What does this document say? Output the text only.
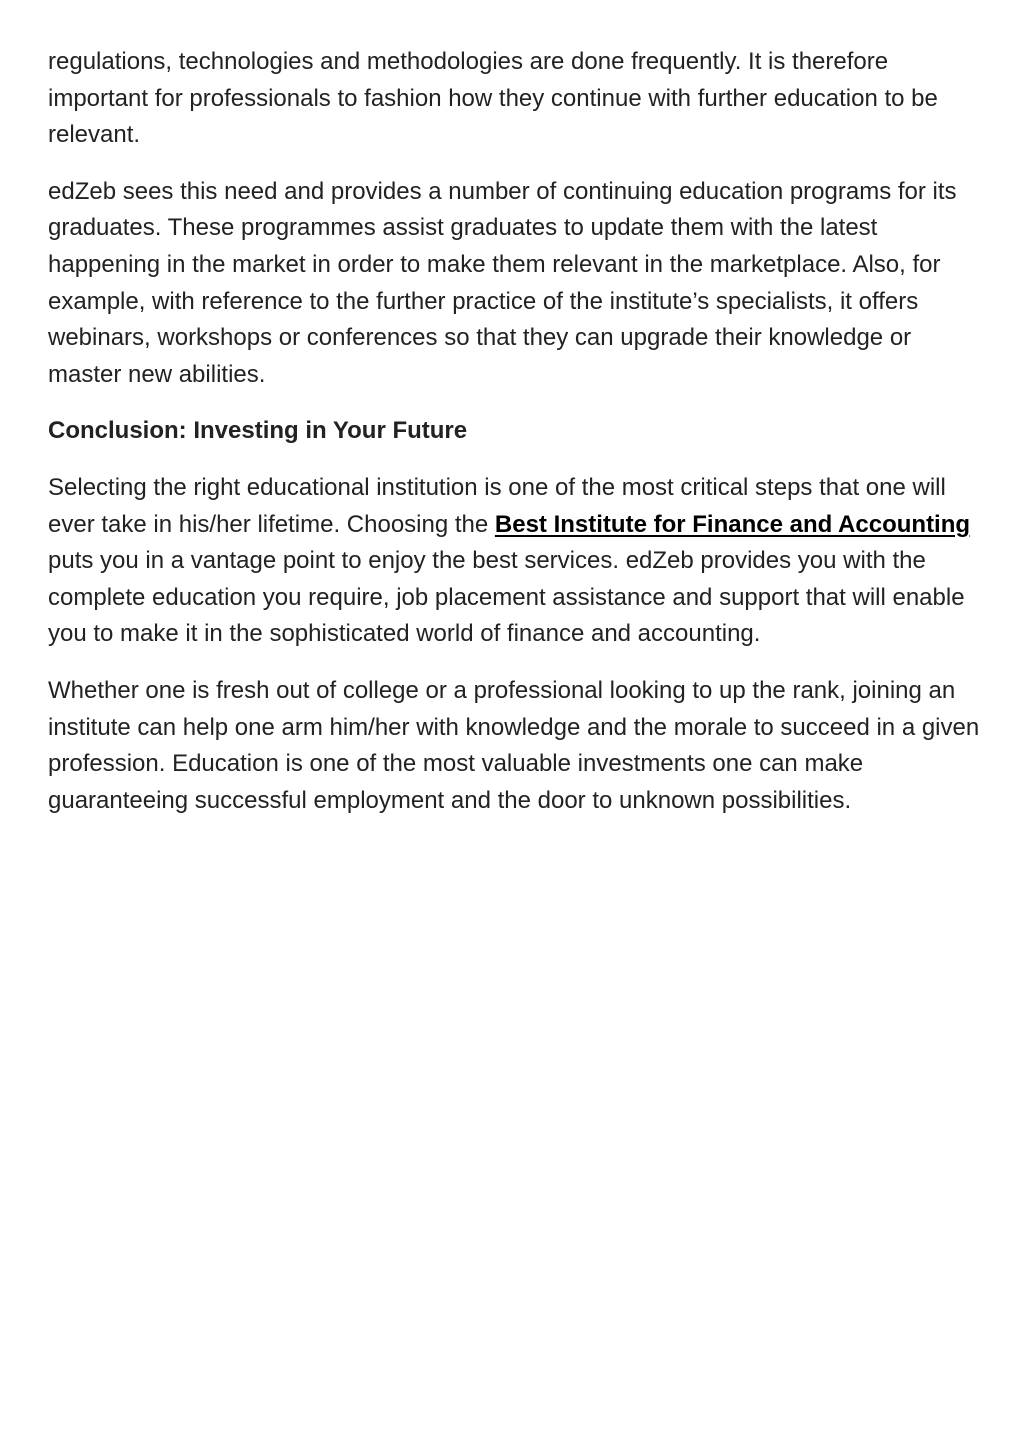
regulations, technologies and methodologies are done frequently. It is therefore important for professionals to fashion how they continue with further education to be relevant.

edZeb sees this need and provides a number of continuing education programs for its graduates. These programmes assist graduates to update them with the latest happening in the market in order to make them relevant in the marketplace. Also, for example, with reference to the further practice of the institute’s specialists, it offers webinars, workshops or conferences so that they can upgrade their knowledge or master new abilities.

Conclusion: Investing in Your Future

Selecting the right educational institution is one of the most critical steps that one will ever take in his/her lifetime. Choosing the Best Institute for Finance and Accounting puts you in a vantage point to enjoy the best services. edZeb provides you with the complete education you require, job placement assistance and support that will enable you to make it in the sophisticated world of finance and accounting.

Whether one is fresh out of college or a professional looking to up the rank, joining an institute can help one arm him/her with knowledge and the morale to succeed in a given profession. Education is one of the most valuable investments one can make guaranteeing successful employment and the door to unknown possibilities.
